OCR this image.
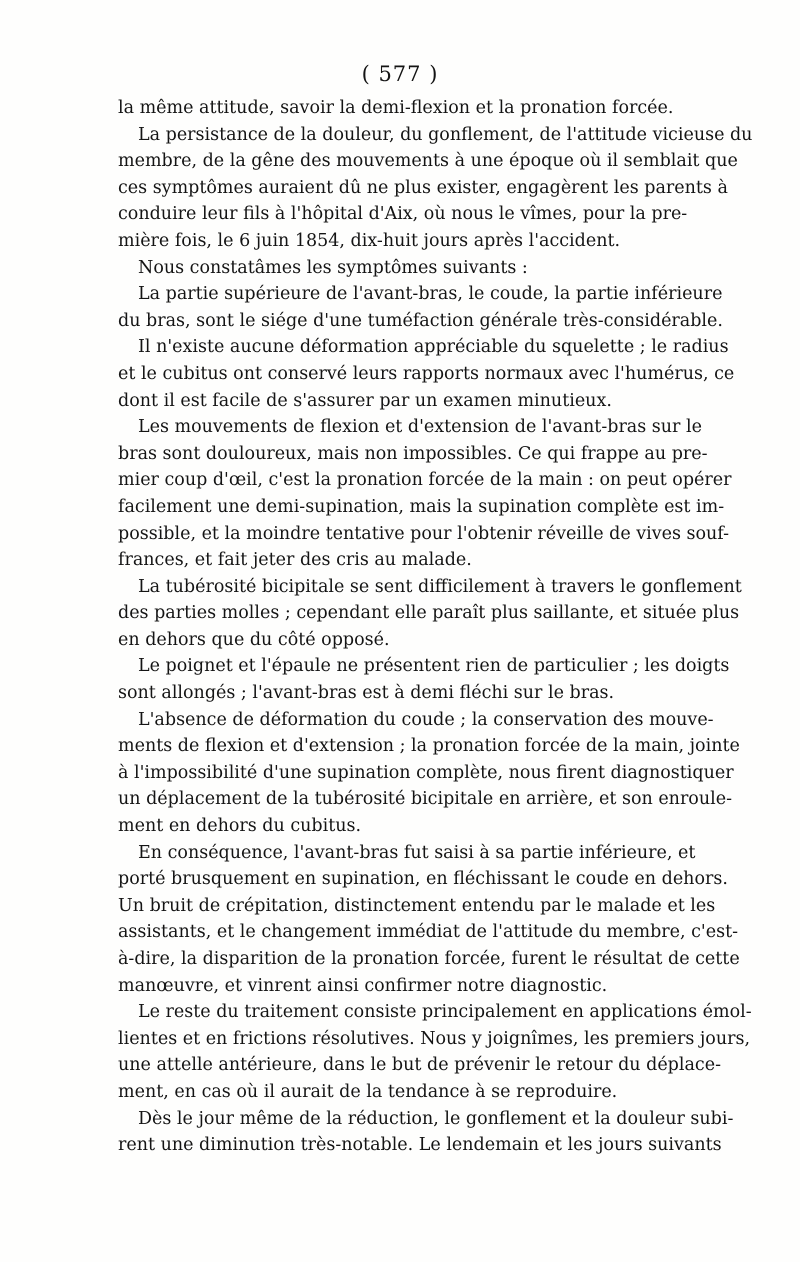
( 577 )
la même attitude, savoir la demi-flexion et la pronation forcée.
La persistance de la douleur, du gonflement, de l'attitude vicieuse du
membre, de la gêne des mouvements à une époque où il semblait que
ces symptômes auraient dû ne plus exister, engagèrent les parents à
conduire leur fils à l'hôpital d'Aix, où nous le vîmes, pour la pre-
mière fois, le 6 juin 1854, dix-huit jours après l'accident.
Nous constatâmes les symptômes suivants :
La partie supérieure de l'avant-bras, le coude, la partie inférieure
du bras, sont le siége d'une tuméfaction générale très-considérable.
Il n'existe aucune déformation appréciable du squelette ; le radius
et le cubitus ont conservé leurs rapports normaux avec l'humérus, ce
dont il est facile de s'assurer par un examen minutieux.
Les mouvements de flexion et d'extension de l'avant-bras sur le
bras sont douloureux, mais non impossibles. Ce qui frappe au pre-
mier coup d'œil, c'est la pronation forcée de la main : on peut opérer
facilement une demi-supination, mais la supination complète est im-
possible, et la moindre tentative pour l'obtenir réveille de vives souf-
frances, et fait jeter des cris au malade.
La tubérosité bicipitale se sent difficilement à travers le gonflement
des parties molles ; cependant elle paraît plus saillante, et située plus
en dehors que du côté opposé.
Le poignet et l'épaule ne présentent rien de particulier ; les doigts
sont allongés ; l'avant-bras est à demi fléchi sur le bras.
L'absence de déformation du coude ; la conservation des mouve-
ments de flexion et d'extension ; la pronation forcée de la main, jointe
à l'impossibilité d'une supination complète, nous firent diagnostiquer
un déplacement de la tubérosité bicipitale en arrière, et son enroule-
ment en dehors du cubitus.
En conséquence, l'avant-bras fut saisi à sa partie inférieure, et
porté brusquement en supination, en fléchissant le coude en dehors.
Un bruit de crépitation, distinctement entendu par le malade et les
assistants, et le changement immédiat de l'attitude du membre, c'est-
à-dire, la disparition de la pronation forcée, furent le résultat de cette
manœuvre, et vinrent ainsi confirmer notre diagnostic.
Le reste du traitement consiste principalement en applications émol-
lientes et en frictions résolutives. Nous y joignîmes, les premiers jours,
une attelle antérieure, dans le but de prévenir le retour du déplace-
ment, en cas où il aurait de la tendance à se reproduire.
Dès le jour même de la réduction, le gonflement et la douleur subi-
rent une diminution très-notable. Le lendemain et les jours suivants
